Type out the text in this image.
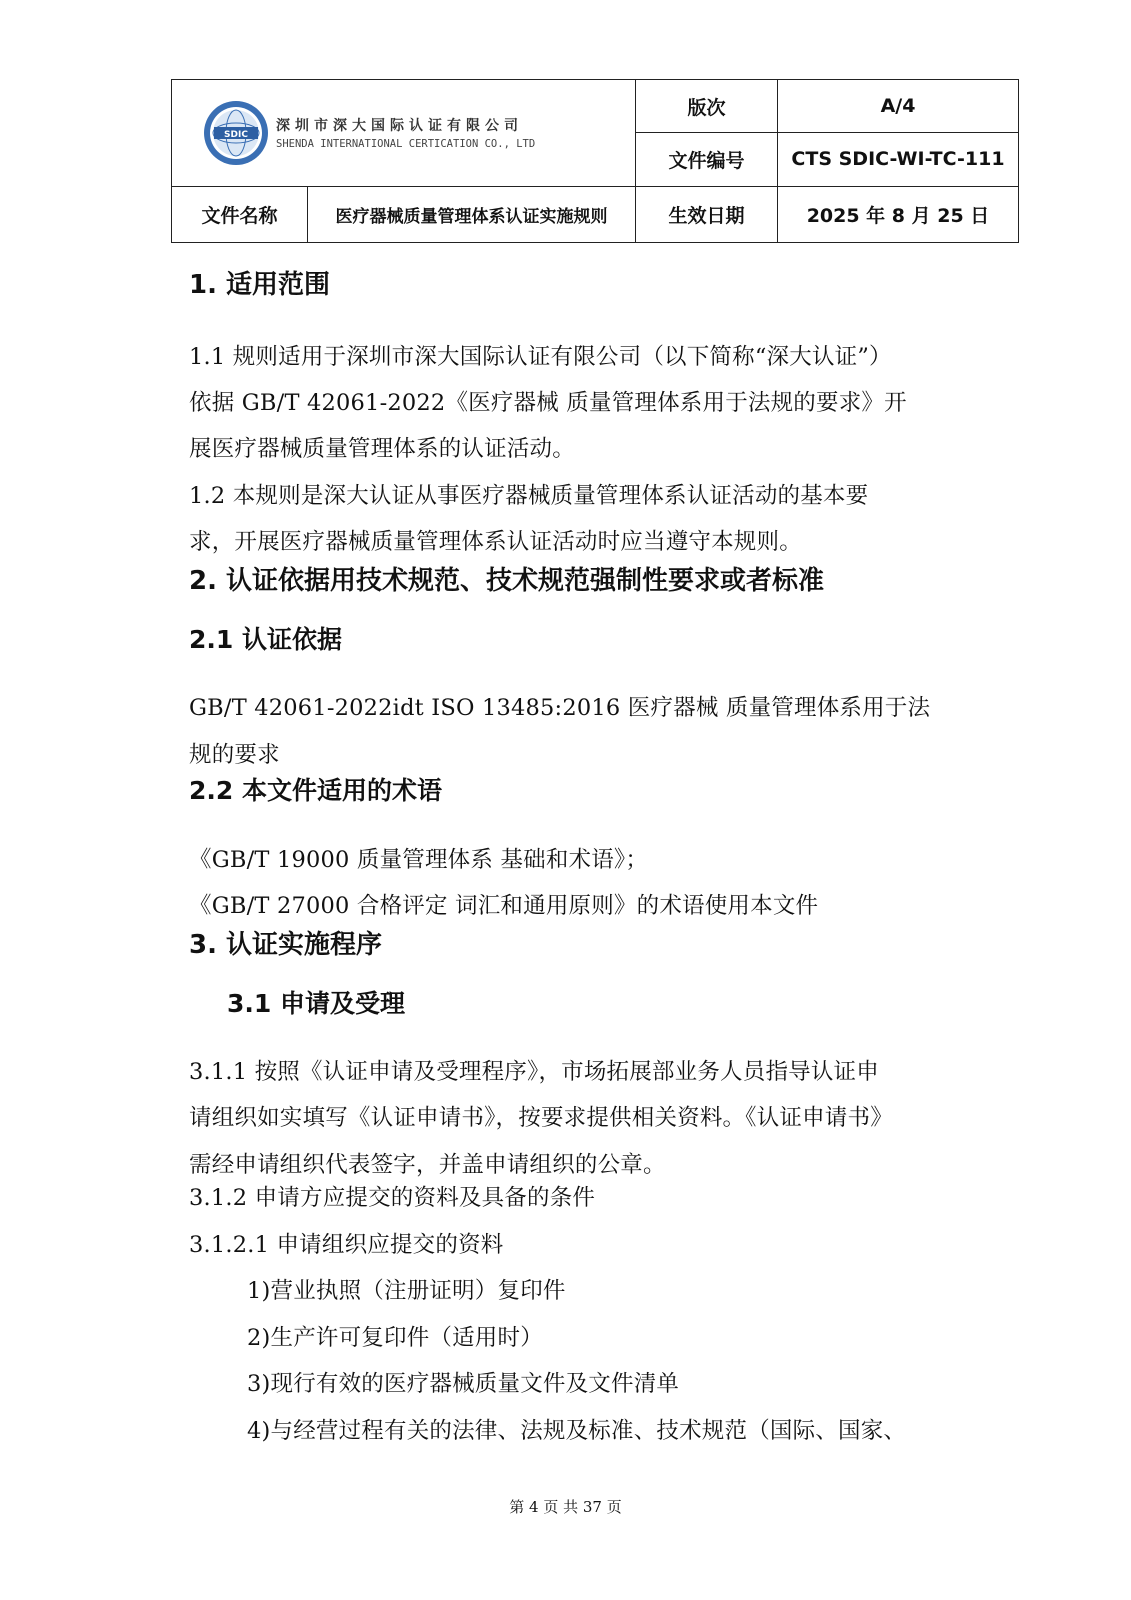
SDIC
深圳市深大国际认证有限公司
SHENDA INTERNATIONAL CERTICATION CO., LTD		版次	A/4
		文件编号	CTS SDIC-WI-TC-111
文件名称	医疗器械质量管理体系认证实施规则	生效日期	2025 年 8 月 25 日
1. 适用范围
1.1 规则适用于深圳市深大国际认证有限公司（以下简称“深大认证”）
依据 GB/T 42061-2022《医疗器械 质量管理体系用于法规的要求》开
展医疗器械质量管理体系的认证活动。
1.2 本规则是深大认证从事医疗器械质量管理体系认证活动的基本要
求，开展医疗器械质量管理体系认证活动时应当遵守本规则。
2. 认证依据用技术规范、技术规范强制性要求或者标准
2.1 认证依据
GB/T 42061-2022idt ISO 13485:2016 医疗器械 质量管理体系用于法
规的要求
2.2 本文件适用的术语
《GB/T 19000 质量管理体系 基础和术语》；
《GB/T 27000 合格评定 词汇和通用原则》的术语使用本文件
3. 认证实施程序
3.1 申请及受理
3.1.1 按照《认证申请及受理程序》，市场拓展部业务人员指导认证申
请组织如实填写《认证申请书》，按要求提供相关资料。《认证申请书》
需经申请组织代表签字，并盖申请组织的公章。
3.1.2 申请方应提交的资料及具备的条件
3.1.2.1 申请组织应提交的资料
1)营业执照（注册证明）复印件
2)生产许可复印件（适用时）
3)现行有效的医疗器械质量文件及文件清单
4)与经营过程有关的法律、法规及标准、技术规范（国际、国家、
第 4 页 共 37 页
